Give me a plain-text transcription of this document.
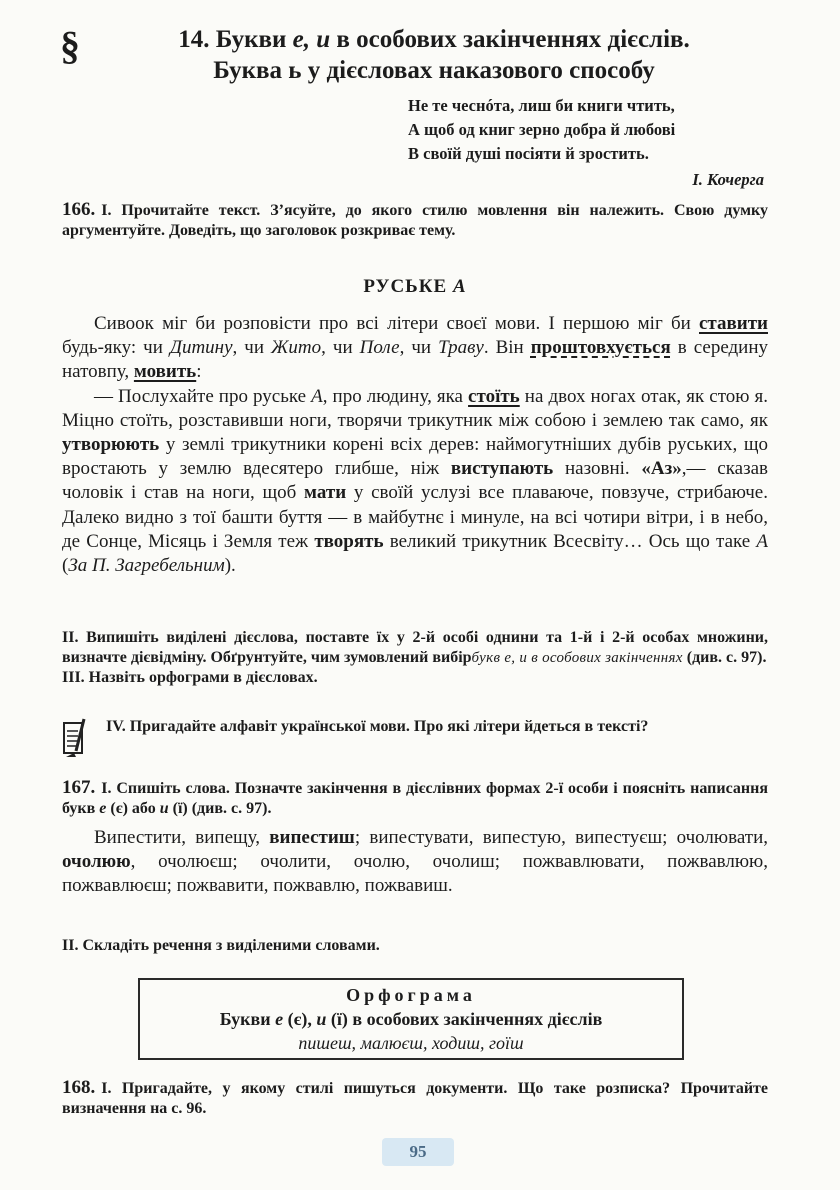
§	14. Букви е, и в особових закінченнях дієслів.
Буква ь у дієсловах наказового способу
Не те чеснóта, лиш би книги чтить,
А щоб од книг зерно добра й любові
В своїй душі посіяти й зростить.
І. Кочерга
166. І. Прочитайте текст. З’ясуйте, до якого стилю мовлення він належить. Свою думку аргументуйте. Доведіть, що заголовок розкриває тему.
РУСЬКЕ А

Сивоок міг би розповісти про всі літери своєї мови. І першою міг би ставити будь-яку: чи Дитину, чи Жито, чи Поле, чи Траву. Він проштовхується в середину натовпу, мовить:

— Послухайте про руське А, про людину, яка стоїть на двох ногах отак, як стою я. Міцно стоїть, розставивши ноги, творячи трикутник між собою і землею так само, як утворюють у землі трикутники корені всіх дерев: наймогутніших дубів руських, що вростають у землю вдесятеро глибше, ніж виступають назовні. «Аз»,— сказав чоловік і став на ноги, щоб мати у своїй услузі все плаваюче, повзуче, стрибаюче. Далеко видно з тої башти буття — в майбутнє і минуле, на всі чотири вітри, і в небо, де Сонце, Місяць і Земля теж творять великий трикутник Всесвіту… Ось що таке А (За П. Загребельним).

ІІ. Випишіть виділені дієслова, поставте їх у 2-й особі однини та 1-й і 2-й особах множини, визначте дієвідміну. Обґрунтуйте, чим зумовлений вибірбукв е, и в особових закінченнях (див. с. 97).

ІІІ. Назвіть орфограми в дієсловах.

ІV. Пригадайте алфавіт української мови. Про які літери йдеться в тексті?
167. І. Спишіть слова. Позначте закінчення в дієслівних формах 2-ї особи і поясніть написання букв е (є) або и (ї) (див. с. 97).

Випестити, випещу, випестиш; випестувати, випестую, випестуєш; очолювати, очолюю, очолюєш; очолити, очолю, очолиш; пожвавлювати, пожвавлюю, пожвавлюєш; пожвавити, пожвавлю, пожвавиш.

ІІ. Складіть речення з виділеними словами.
Орфограма
Букви е (є), и (ї) в особових закінченнях дієслів
пишеш, малюєш, ходиш, гоїш
168. І. Пригадайте, у якому стилі пишуться документи. Що таке розписка? Прочитайте визначення на с. 96.
95
